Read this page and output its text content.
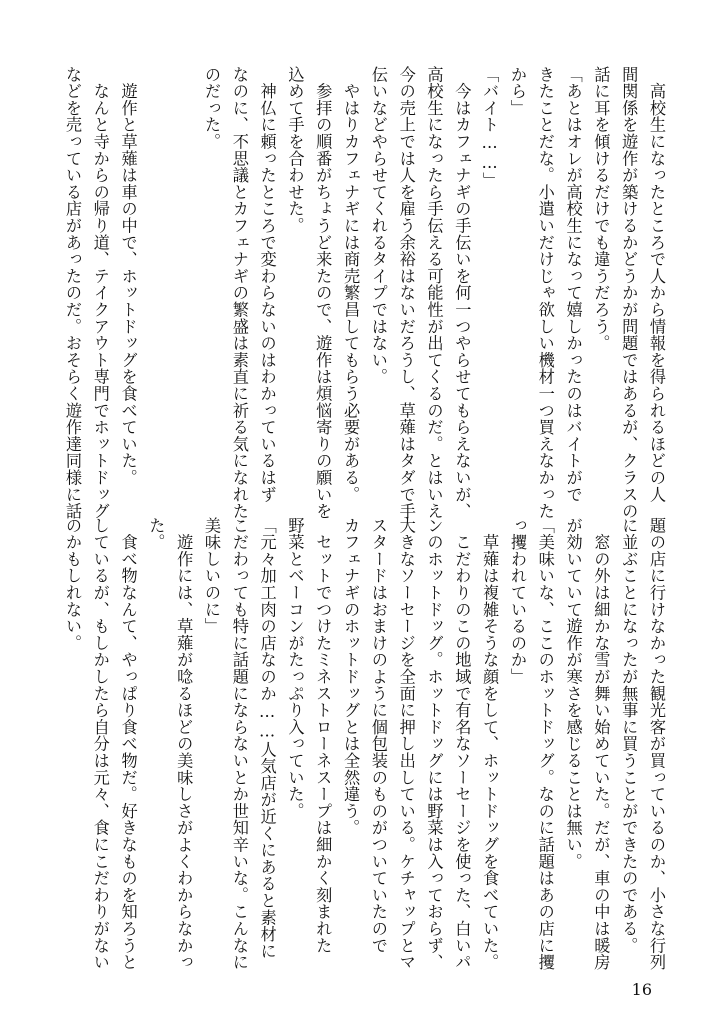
　高校生になったところで人から情報を得られるほどの人
間関係を遊作が築けるかどうかが問題ではあるが、クラスの
話に耳を傾けるだけでも違うだろう。
「あとはオレが高校生になって嬉しかったのはバイトがで
きたことだな。小遣いだけじゃ欲しい機材一つ買えなかった
から」
「バイト……」
　今はカフェナギの手伝いを何一つやらせてもらえないが、
高校生になったら手伝える可能性が出てくるのだ。とはいえ
今の売上では人を雇う余裕はないだろうし、草薙はタダで手
伝いなどやらせてくれるタイプではない。
　やはりカフェナギには商売繁昌してもらう必要がある。
　参拝の順番がちょうど来たので、遊作は煩悩寄りの願いを
込めて手を合わせた。
　神仏に頼ったところで変わらないのはわかっているはず
なのに、不思議とカフェナギの繁盛は素直に祈る気になれた
のだった。
　遊作と草薙は車の中で、ホットドッグを食べていた。
　なんと寺からの帰り道、テイクアウト専門でホットドッグ
などを売っている店があったのだ。おそらく遊作達同様に話
題の店に行けなかった観光客が買っているのか、小さな行列
に並ぶことになったが無事に買うことができたのである。
　窓の外は細かな雪が舞い始めていた。だが、車の中は暖房
が効いていて遊作が寒さを感じることは無い。
「美味いな、ここのホットドッグ。なのに話題はあの店に攫
っ攫われているのか」
　草薙は複雑そうな顔をして、ホットドッグを食べていた。
　こだわりのこの地域で有名なソーセージを使った、白いパ
ンのホットドッグ。ホットドッグには野菜は入っておらず、
大きなソーセージを全面に押し出している。ケチャップとマ
スタードはおまけのように個包装のものがついていたので
カフェナギのホットドッグとは全然違う。
　セットでつけたミネストローネスープは細かく刻まれた
野菜とベーコンがたっぷり入っていた。
「元々加工肉の店なのか……人気店が近くにあると素材に
こだわっても特に話題にならないとか世知辛いな。こんなに
美味しいのに」
　遊作には、草薙が唸るほどの美味しさがよくわからなかっ
た。
　食べ物なんて、やっぱり食べ物だ。好きなものを知ろうと
しているが、もしかしたら自分は元々、食にこだわりがない
のかもしれない。
16
